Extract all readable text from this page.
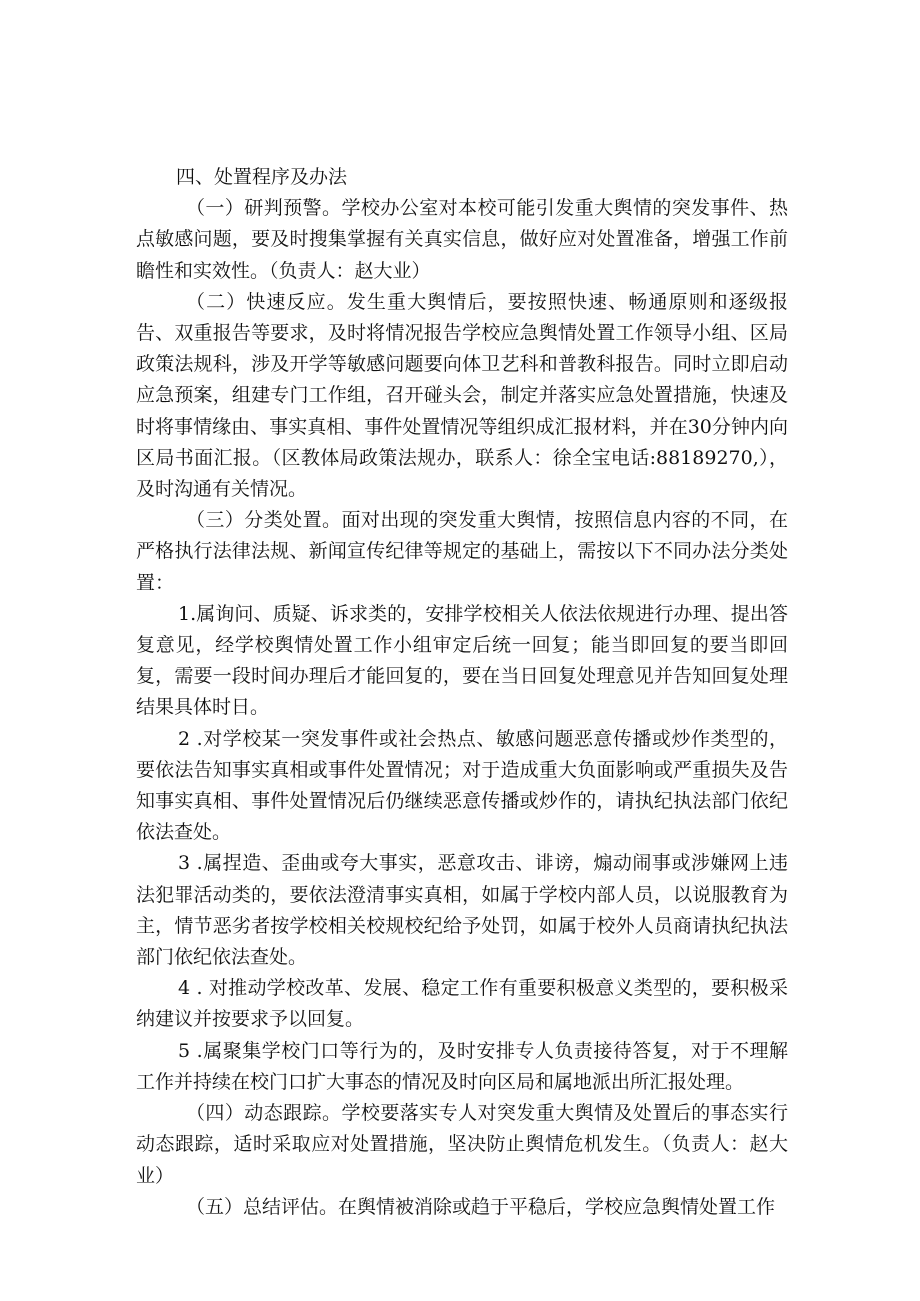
四、处置程序及办法

（一）研判预警。学校办公室对本校可能引发重大舆情的突发事件、热点敏感问题，要及时搜集掌握有关真实信息，做好应对处置准备，增强工作前瞻性和实效性。（负责人：赵大业）

（二）快速反应。发生重大舆情后，要按照快速、畅通原则和逐级报告、双重报告等要求，及时将情况报告学校应急舆情处置工作领导小组、区局政策法规科，涉及开学等敏感问题要向体卫艺科和普教科报告。同时立即启动应急预案，组建专门工作组，召开碰头会，制定并落实应急处置措施，快速及时将事情缘由、事实真相、事件处置情况等组织成汇报材料，并在30分钟内向区局书面汇报。（区教体局政策法规办，联系人：徐全宝电话:88189270,），及时沟通有关情况。

（三）分类处置。面对出现的突发重大舆情，按照信息内容的不同，在严格执行法律法规、新闻宣传纪律等规定的基础上，需按以下不同办法分类处置：

1.属询问、质疑、诉求类的，安排学校相关人依法依规进行办理、提出答复意见，经学校舆情处置工作小组审定后统一回复；能当即回复的要当即回复，需要一段时间办理后才能回复的，要在当日回复处理意见并告知回复处理结果具体时日。

2 .对学校某一突发事件或社会热点、敏感问题恶意传播或炒作类型的，要依法告知事实真相或事件处置情况；对于造成重大负面影响或严重损失及告知事实真相、事件处置情况后仍继续恶意传播或炒作的，请执纪执法部门依纪依法查处。

3 .属捏造、歪曲或夸大事实，恶意攻击、诽谤，煽动闹事或涉嫌网上违法犯罪活动类的，要依法澄清事实真相，如属于学校内部人员，以说服教育为主，情节恶劣者按学校相关校规校纪给予处罚，如属于校外人员商请执纪执法部门依纪依法查处。

4 . 对推动学校改革、发展、稳定工作有重要积极意义类型的，要积极采纳建议并按要求予以回复。

5 .属聚集学校门口等行为的，及时安排专人负责接待答复，对于不理解工作并持续在校门口扩大事态的情况及时向区局和属地派出所汇报处理。

（四）动态跟踪。学校要落实专人对突发重大舆情及处置后的事态实行动态跟踪，适时采取应对处置措施，坚决防止舆情危机发生。（负责人：赵大业）

（五）总结评估。在舆情被消除或趋于平稳后，学校应急舆情处置工作
